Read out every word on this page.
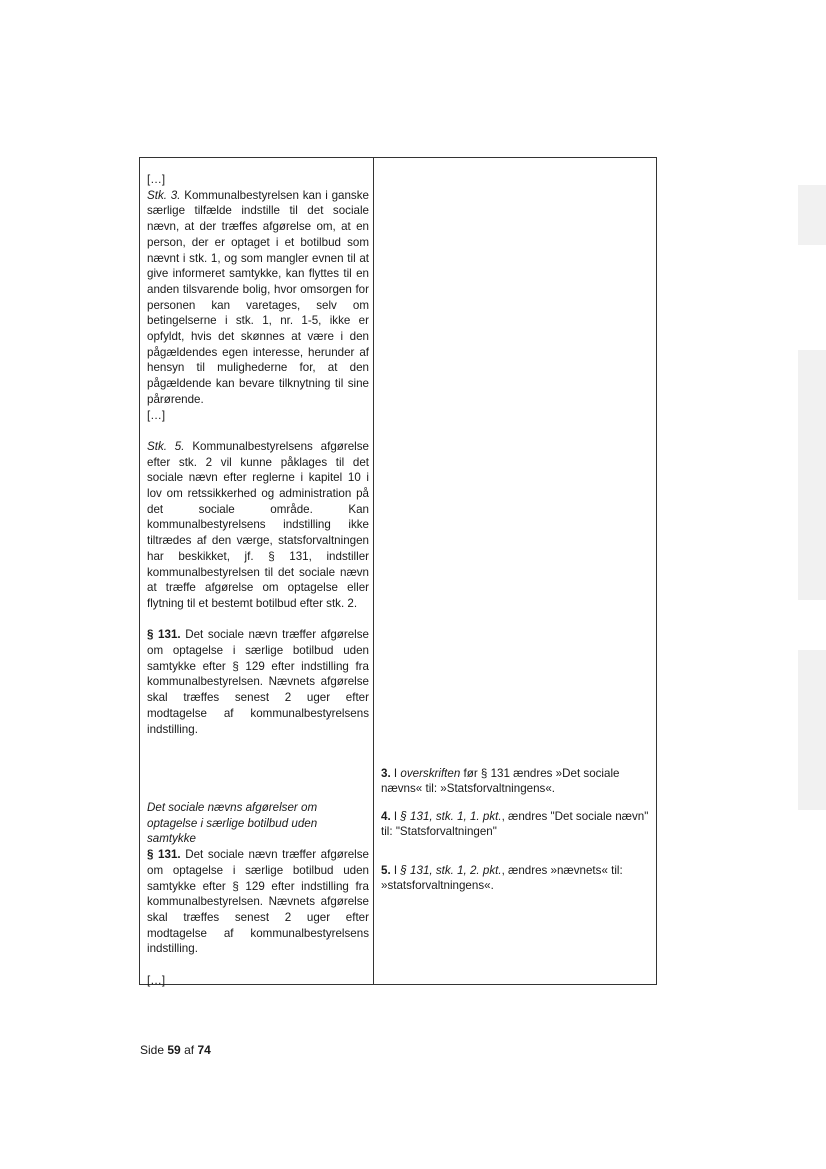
[…]

Stk. 3. Kommunalbestyrelsen kan i ganske særlige tilfælde indstille til det sociale nævn, at der træffes afgørelse om, at en person, der er optaget i et botilbud som nævnt i stk. 1, og som mangler evnen til at give informeret samtykke, kan flyttes til en anden tilsvarende bolig, hvor omsorgen for personen kan varetages, selv om betingelserne i stk. 1, nr. 1-5, ikke er opfyldt, hvis det skønnes at være i den pågældendes egen interesse, herunder af hensyn til mulighederne for, at den pågældende kan bevare tilknytning til sine pårørende.

[…]

Stk. 5. Kommunalbestyrelsens afgørelse efter stk. 2 vil kunne påklages til det sociale nævn efter reglerne i kapitel 10 i lov om retssikkerhed og administration på det sociale område. Kan kommunalbestyrelsens indstilling ikke tiltrædes af den værge, statsforvaltningen har beskikket, jf. § 131, indstiller kommunalbestyrelsen til det sociale nævn at træffe afgørelse om optagelse eller flytning til et bestemt botilbud efter stk. 2.

§ 131. Det sociale nævn træffer afgørelse om optagelse i særlige botilbud uden samtykke efter § 129 efter indstilling fra kommunalbestyrelsen. Nævnets afgørelse skal træffes senest 2 uger efter modtagelse af kommunalbestyrelsens indstilling.

Det sociale nævns afgørelser om optagelse i særlige botilbud uden samtykke

§ 131. Det sociale nævn træffer afgørelse om optagelse i særlige botilbud uden samtykke efter § 129 efter indstilling fra kommunalbestyrelsen. Nævnets afgørelse skal træffes senest 2 uger efter modtagelse af kommunalbestyrelsens indstilling.

[…]

3. I overskriften før § 131 ændres »Det sociale nævns« til: »Statsforvaltningens«.

4. I § 131, stk. 1, 1. pkt., ændres "Det sociale nævn" til: "Statsforvaltningen"

5. I § 131, stk. 1, 2. pkt., ændres »nævnets« til: »statsforvaltningens«.

Side 59 af 74
